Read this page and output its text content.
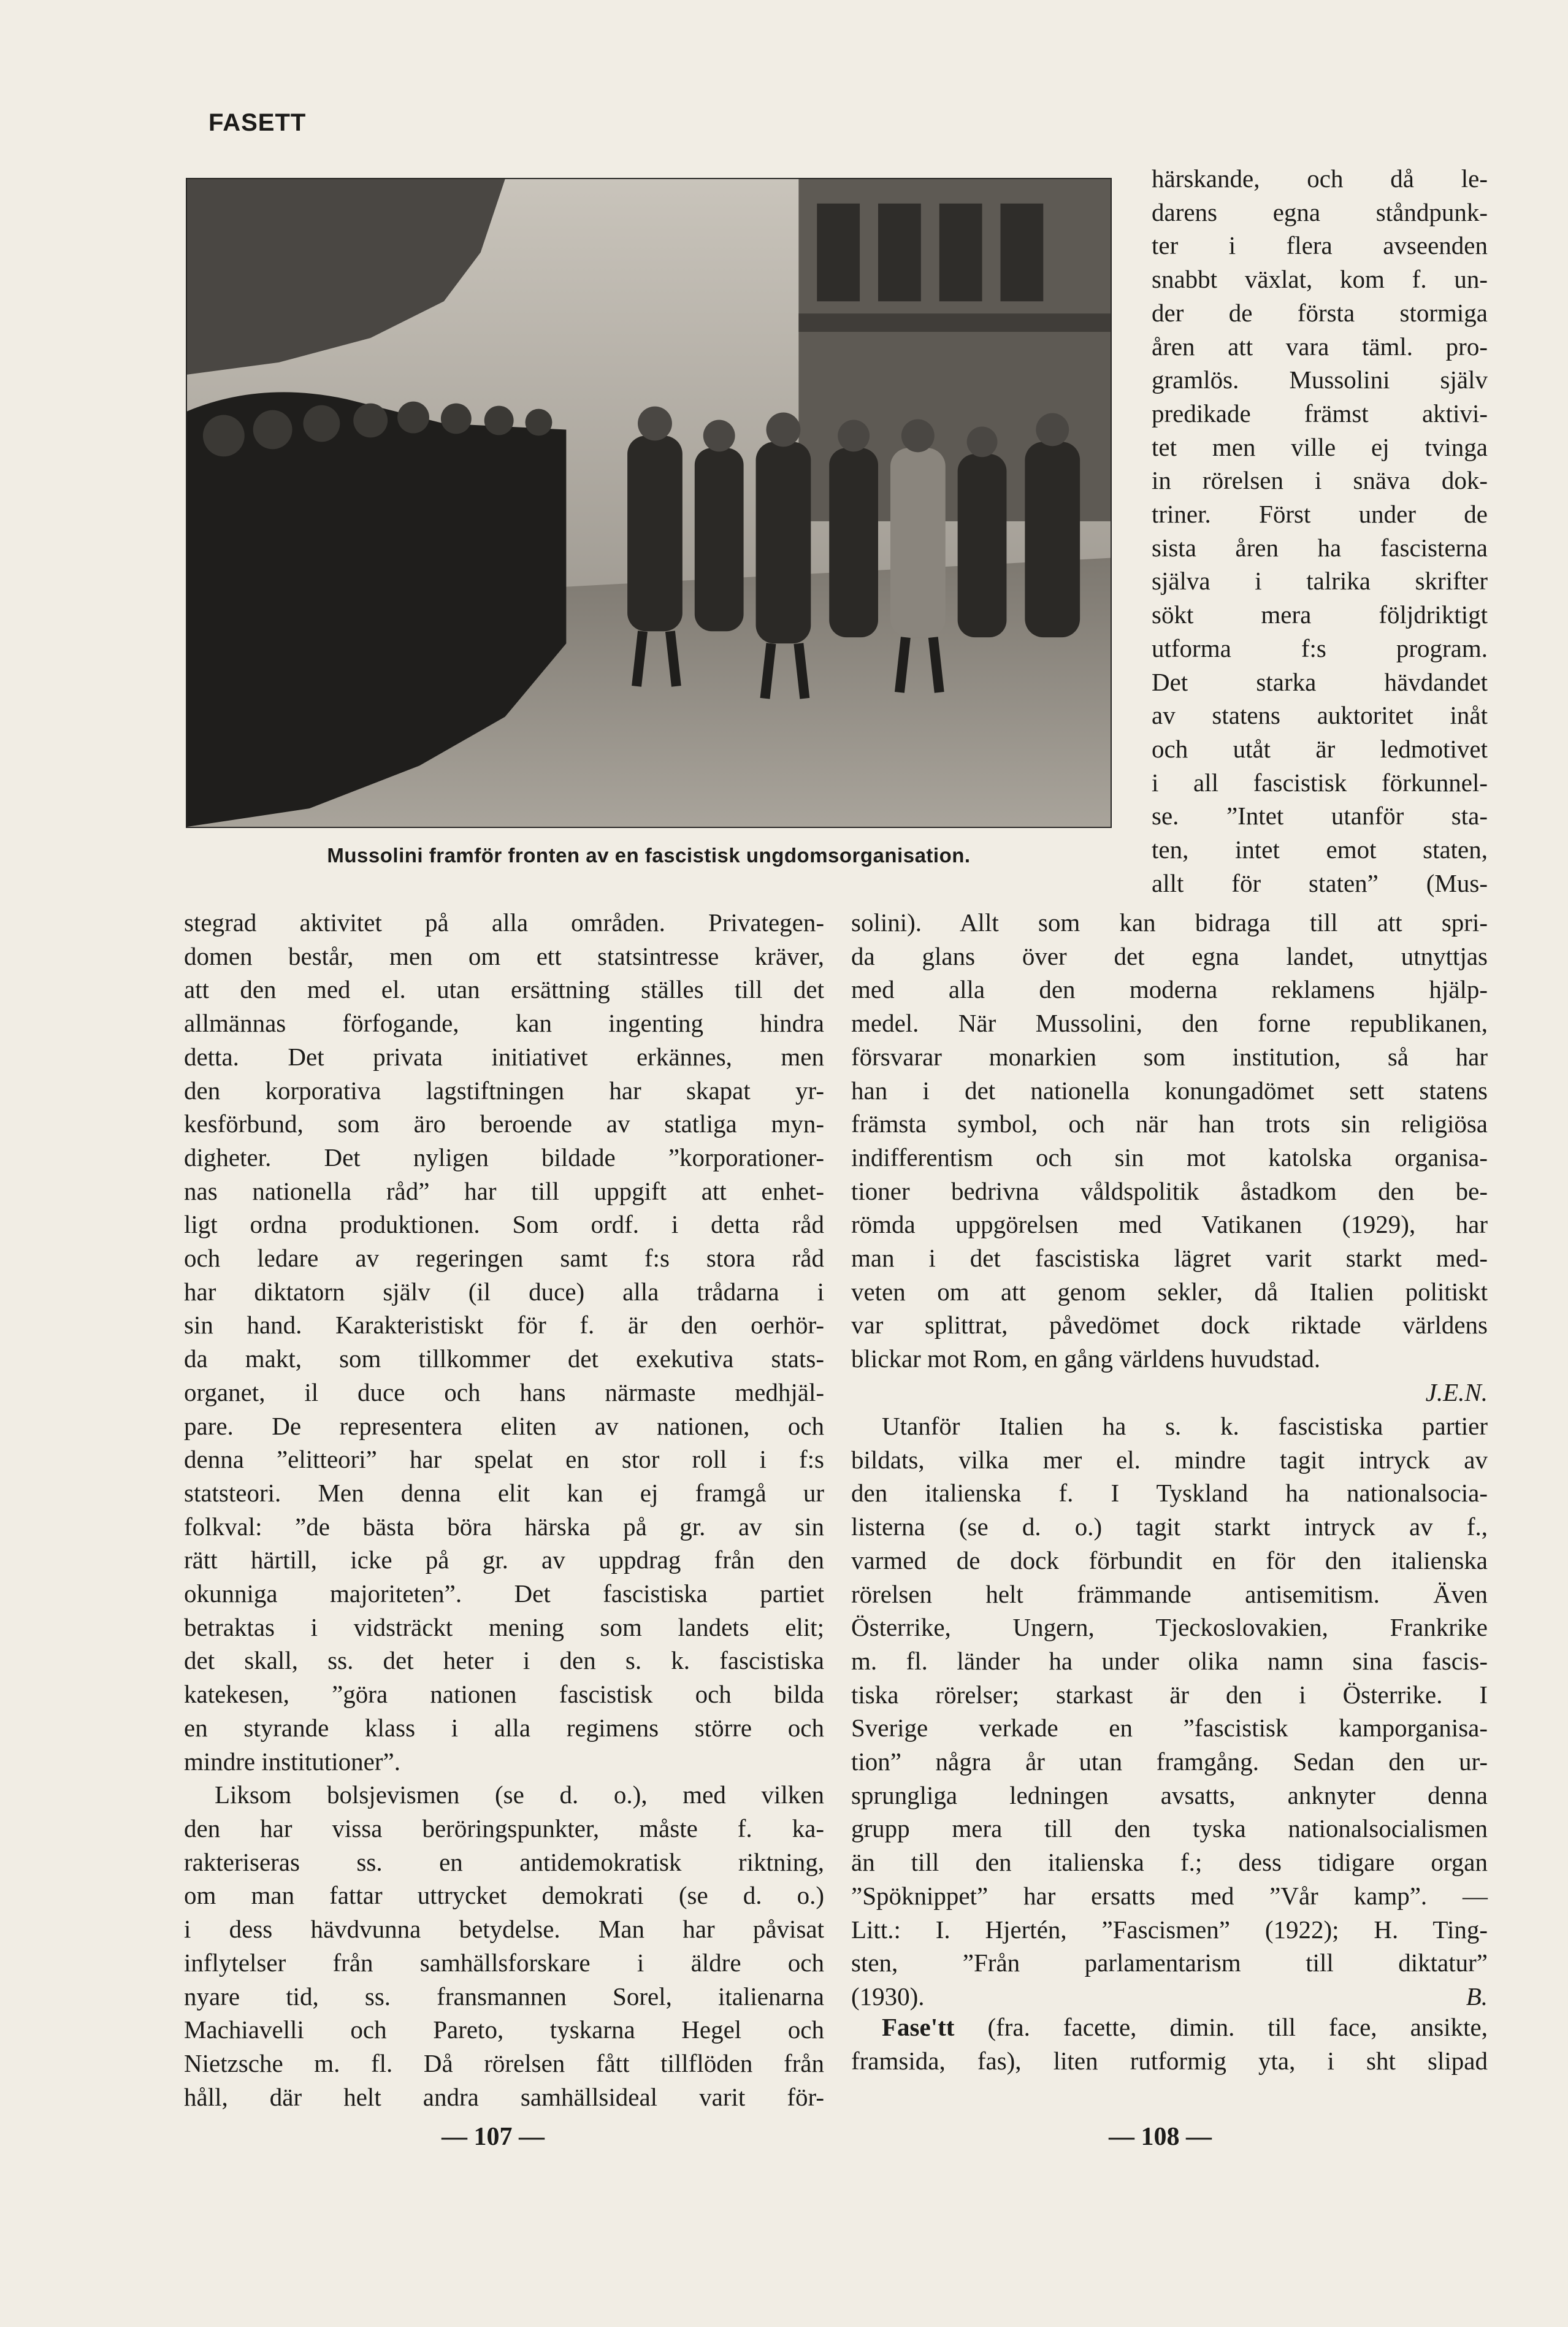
FASETT
Mussolini framför fronten av en fascistisk ungdomsorganisation.
härskande, och då le-
darens egna ståndpunk-
ter i flera avseenden
snabbt växlat, kom f. un-
der de första stormiga
åren att vara täml. pro-
gramlös. Mussolini själv
predikade främst aktivi-
tet men ville ej tvinga
in rörelsen i snäva dok-
triner. Först under de
sista åren ha fascisterna
själva i talrika skrifter
sökt mera följdriktigt
utforma f:s program.
Det starka hävdandet
av statens auktoritet inåt
och utåt är ledmotivet
i all fascistisk förkunnel-
se. ”Intet utanför sta-
ten, intet emot staten,
allt för staten” (Mus-
stegrad aktivitet på alla områden. Privategen-
domen består, men om ett statsintresse kräver,
att den med el. utan ersättning ställes till det
allmännas förfogande, kan ingenting hindra
detta. Det privata initiativet erkännes, men
den korporativa lagstiftningen har skapat yr-
kesförbund, som äro beroende av statliga myn-
digheter. Det nyligen bildade ”korporationer-
nas nationella råd” har till uppgift att enhet-
ligt ordna produktionen. Som ordf. i detta råd
och ledare av regeringen samt f:s stora råd
har diktatorn själv (il duce) alla trådarna i
sin hand. Karakteristiskt för f. är den oerhör-
da makt, som tillkommer det exekutiva stats-
organet, il duce och hans närmaste medhjäl-
pare. De representera eliten av nationen, och
denna ”elitteori” har spelat en stor roll i f:s
statsteori. Men denna elit kan ej framgå ur
folkval: ”de bästa böra härska på gr. av sin
rätt härtill, icke på gr. av uppdrag från den
okunniga majoriteten”. Det fascistiska partiet
betraktas i vidsträckt mening som landets elit;
det skall, ss. det heter i den s. k. fascistiska
katekesen, ”göra nationen fascistisk och bilda
en styrande klass i alla regimens större och
mindre institutioner”.
Liksom bolsjevismen (se d. o.), med vilken
den har vissa beröringspunkter, måste f. ka-
rakteriseras ss. en antidemokratisk riktning,
om man fattar uttrycket demokrati (se d. o.)
i dess hävdvunna betydelse. Man har påvisat
inflytelser från samhällsforskare i äldre och
nyare tid, ss. fransmannen Sorel, italienarna
Machiavelli och Pareto, tyskarna Hegel och
Nietzsche m. fl. Då rörelsen fått tillflöden från
håll, där helt andra samhällsideal varit för-
solini). Allt som kan bidraga till att spri-
da glans över det egna landet, utnyttjas
med alla den moderna reklamens hjälp-
medel. När Mussolini, den forne republikanen,
försvarar monarkien som institution, så har
han i det nationella konungadömet sett statens
främsta symbol, och när han trots sin religiösa
indifferentism och sin mot katolska organisa-
tioner bedrivna våldspolitik åstadkom den be-
römda uppgörelsen med Vatikanen (1929), har
man i det fascistiska lägret varit starkt med-
veten om att genom sekler, då Italien politiskt
var splittrat, påvedömet dock riktade världens
blickar mot Rom, en gång världens huvudstad.
J.E.N.
Utanför Italien ha s. k. fascistiska partier
bildats, vilka mer el. mindre tagit intryck av
den italienska f. I Tyskland ha nationalsocia-
listerna (se d. o.) tagit starkt intryck av f.,
varmed de dock förbundit en för den italienska
rörelsen helt främmande antisemitism. Även
Österrike, Ungern, Tjeckoslovakien, Frankrike
m. fl. länder ha under olika namn sina fascis-
tiska rörelser; starkast är den i Österrike. I
Sverige verkade en ”fascistisk kamporganisa-
tion” några år utan framgång. Sedan den ur-
sprungliga ledningen avsatts, anknyter denna
grupp mera till den tyska nationalsocialismen
än till den italienska f.; dess tidigare organ
”Spöknippet” har ersatts med ”Vår kamp”. —
Litt.: I. Hjertén, ”Fascismen” (1922); H. Ting-
sten, ”Från parlamentarism till diktatur”
(1930).	B.
Fase'tt (fra. facette, dimin. till face, ansikte,
framsida, fas), liten rutformig yta, i sht slipad
— 107 —	— 108 —
